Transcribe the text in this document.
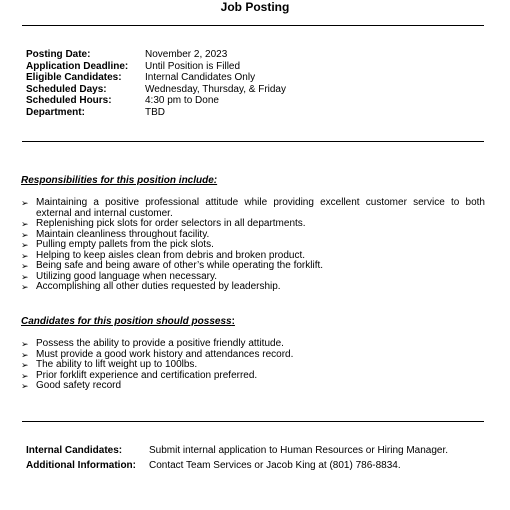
Job Posting
Posting Date:	November 2, 2023
Application Deadline:	Until Position is Filled
Eligible Candidates:	Internal Candidates Only
Scheduled Days:	Wednesday, Thursday, & Friday
Scheduled Hours:	4:30 pm to Done
Department:	TBD
Responsibilities for this position include:
➢ Maintaining a positive professional attitude while providing excellent customer service to both external and internal customer.
➢ Replenishing pick slots for order selectors in all departments.
➢ Maintain cleanliness throughout facility.
➢ Pulling empty pallets from the pick slots.
➢ Helping to keep aisles clean from debris and broken product.
➢ Being safe and being aware of other’s while operating the forklift.
➢ Utilizing good language when necessary.
➢ Accomplishing all other duties requested by leadership.
Candidates for this position should possess:
➢ Possess the ability to provide a positive friendly attitude.
➢ Must provide a good work history and attendances record.
➢ The ability to lift weight up to 100lbs.
➢ Prior forklift experience and certification preferred.
➢ Good safety record
Internal Candidates:	Submit internal application to Human Resources or Hiring Manager.
Additional Information:	Contact Team Services or Jacob King at (801) 786-8834.
